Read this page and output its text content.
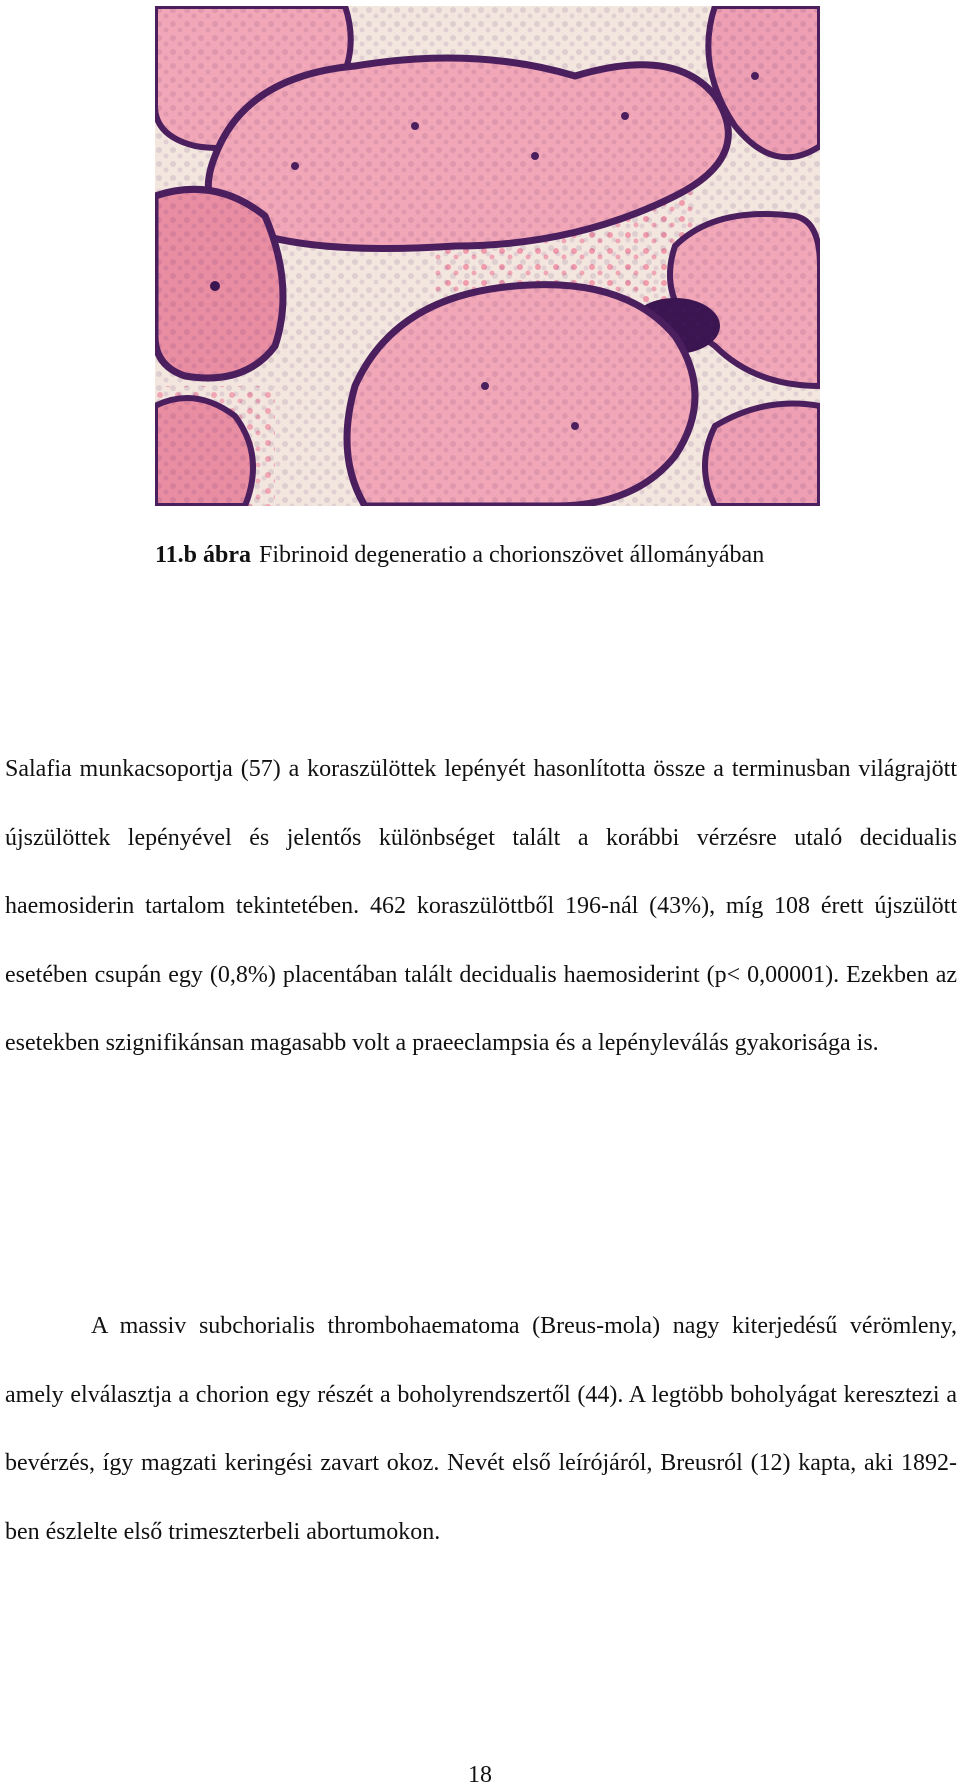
11.b ábra Fibrinoid degeneratio a chorionszövet állományában

Salafia munkacsoportja (57) a koraszülöttek lepényét hasonlította össze a terminusban világrajött újszülöttek lepényével és jelentős különbséget talált a korábbi vérzésre utaló decidualis haemosiderin tartalom tekintetében. 462 koraszülöttből 196-nál (43%), míg 108 érett újszülött esetében csupán egy (0,8%) placentában talált decidualis haemosiderint (p< 0,00001). Ezekben az esetekben szignifikánsan magasabb volt a praeeclampsia és a lepényleválás gyakorisága is.

A massiv subchorialis thrombohaematoma (Breus-mola) nagy kiterjedésű vérömleny, amely elválasztja a chorion egy részét a boholyrendszertől (44). A legtöbb boholyágat keresztezi a bevérzés, így magzati keringési zavart okoz. Nevét első leírójáról, Breusról (12) kapta, aki 1892-ben észlelte első trimeszterbeli abortumokon.

18
